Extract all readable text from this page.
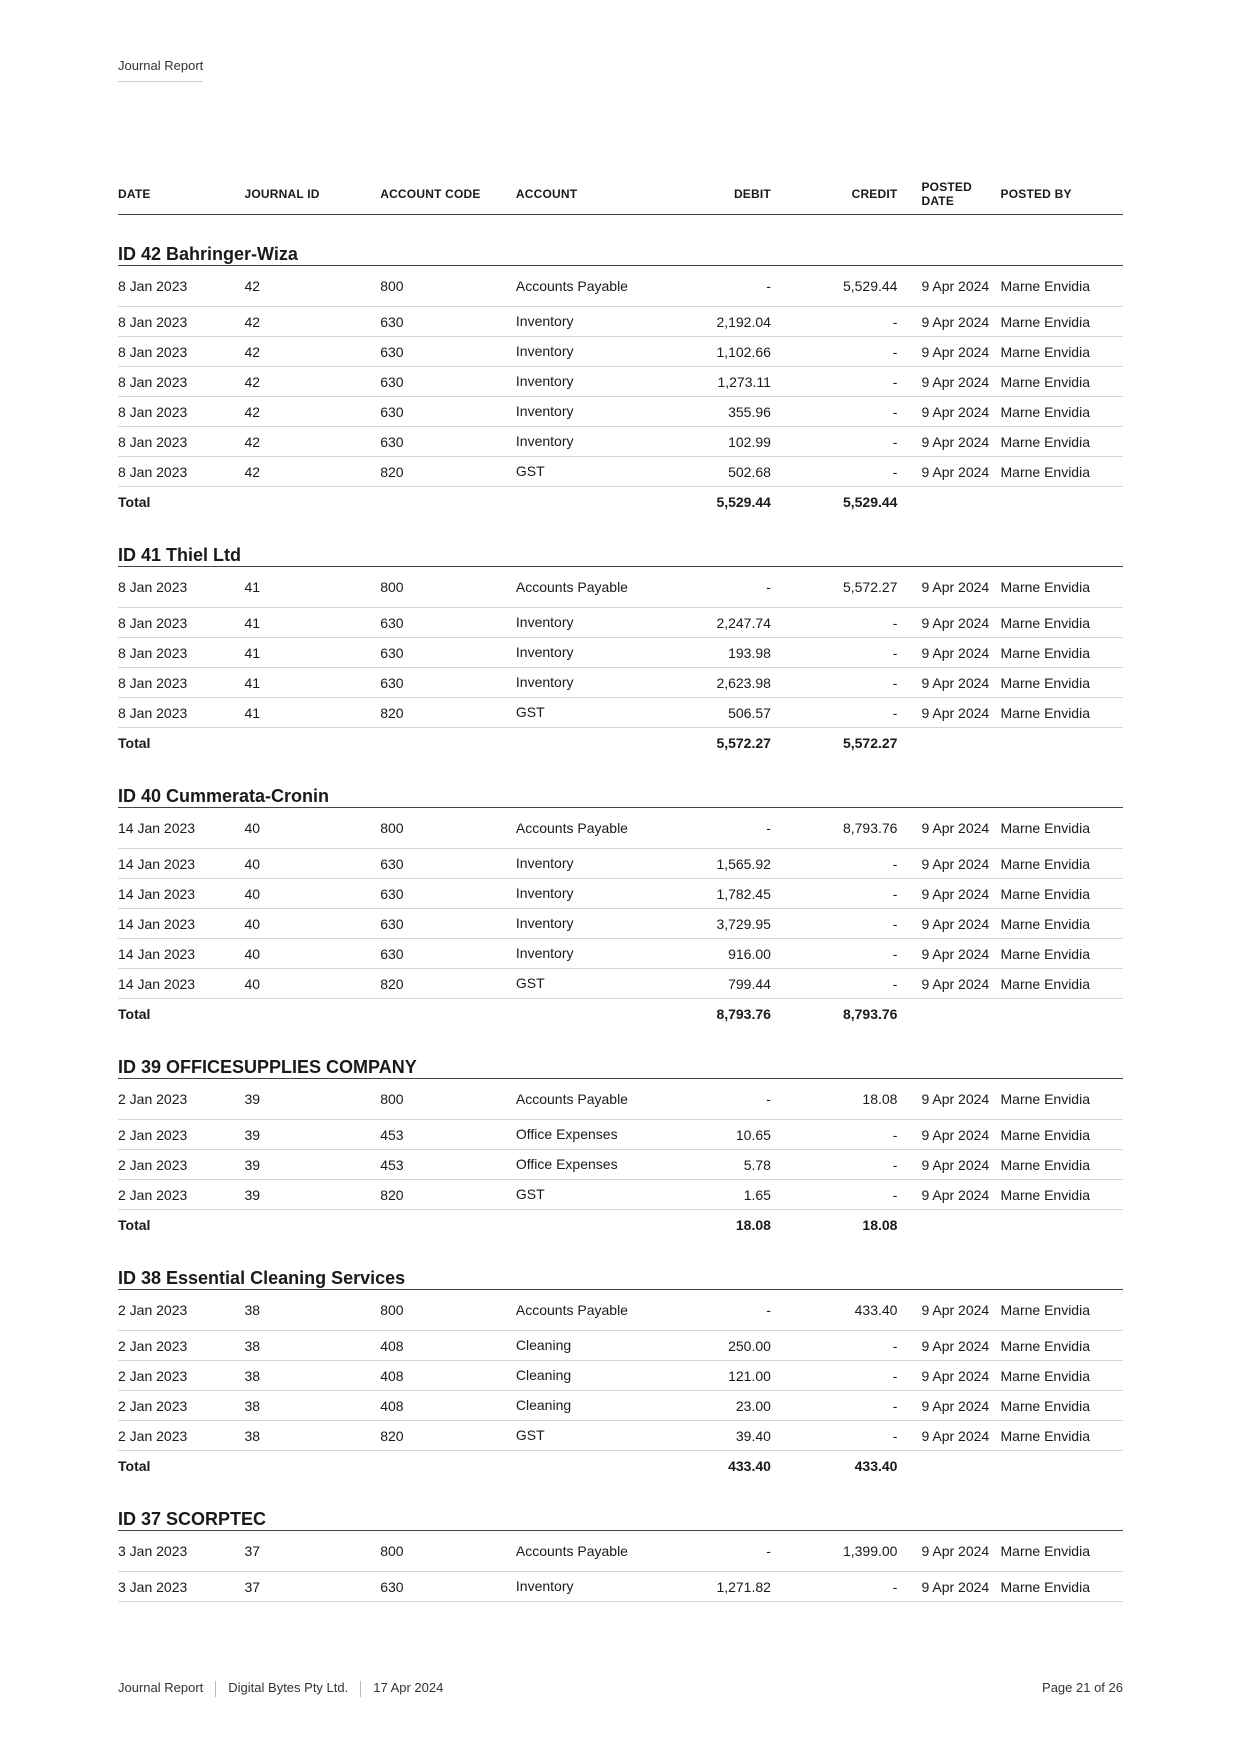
Journal Report
DATE	JOURNAL ID	ACCOUNT CODE	ACCOUNT	DEBIT	CREDIT	POSTED DATE	POSTED BY
ID 42 Bahringer-Wiza							
8 Jan 2023	42	800	Accounts Payable	-	5,529.44	9 Apr 2024	Marne Envidia
8 Jan 2023	42	630	Inventory	2,192.04	-	9 Apr 2024	Marne Envidia
8 Jan 2023	42	630	Inventory	1,102.66	-	9 Apr 2024	Marne Envidia
8 Jan 2023	42	630	Inventory	1,273.11	-	9 Apr 2024	Marne Envidia
8 Jan 2023	42	630	Inventory	355.96	-	9 Apr 2024	Marne Envidia
8 Jan 2023	42	630	Inventory	102.99	-	9 Apr 2024	Marne Envidia
8 Jan 2023	42	820	GST	502.68	-	9 Apr 2024	Marne Envidia
Total				5,529.44	5,529.44		
ID 41 Thiel Ltd							
8 Jan 2023	41	800	Accounts Payable	-	5,572.27	9 Apr 2024	Marne Envidia
8 Jan 2023	41	630	Inventory	2,247.74	-	9 Apr 2024	Marne Envidia
8 Jan 2023	41	630	Inventory	193.98	-	9 Apr 2024	Marne Envidia
8 Jan 2023	41	630	Inventory	2,623.98	-	9 Apr 2024	Marne Envidia
8 Jan 2023	41	820	GST	506.57	-	9 Apr 2024	Marne Envidia
Total				5,572.27	5,572.27		
ID 40 Cummerata-Cronin							
14 Jan 2023	40	800	Accounts Payable	-	8,793.76	9 Apr 2024	Marne Envidia
14 Jan 2023	40	630	Inventory	1,565.92	-	9 Apr 2024	Marne Envidia
14 Jan 2023	40	630	Inventory	1,782.45	-	9 Apr 2024	Marne Envidia
14 Jan 2023	40	630	Inventory	3,729.95	-	9 Apr 2024	Marne Envidia
14 Jan 2023	40	630	Inventory	916.00	-	9 Apr 2024	Marne Envidia
14 Jan 2023	40	820	GST	799.44	-	9 Apr 2024	Marne Envidia
Total				8,793.76	8,793.76		
ID 39 OFFICESUPPLIES COMPANY							
2 Jan 2023	39	800	Accounts Payable	-	18.08	9 Apr 2024	Marne Envidia
2 Jan 2023	39	453	Office Expenses	10.65	-	9 Apr 2024	Marne Envidia
2 Jan 2023	39	453	Office Expenses	5.78	-	9 Apr 2024	Marne Envidia
2 Jan 2023	39	820	GST	1.65	-	9 Apr 2024	Marne Envidia
Total				18.08	18.08		
ID 38 Essential Cleaning Services							
2 Jan 2023	38	800	Accounts Payable	-	433.40	9 Apr 2024	Marne Envidia
2 Jan 2023	38	408	Cleaning	250.00	-	9 Apr 2024	Marne Envidia
2 Jan 2023	38	408	Cleaning	121.00	-	9 Apr 2024	Marne Envidia
2 Jan 2023	38	408	Cleaning	23.00	-	9 Apr 2024	Marne Envidia
2 Jan 2023	38	820	GST	39.40	-	9 Apr 2024	Marne Envidia
Total				433.40	433.40		
ID 37 SCORPTEC							
3 Jan 2023	37	800	Accounts Payable	-	1,399.00	9 Apr 2024	Marne Envidia
3 Jan 2023	37	630	Inventory	1,271.82	-	9 Apr 2024	Marne Envidia
Journal Report Digital Bytes Pty Ltd. 17 Apr 2024	Page 21 of 26
